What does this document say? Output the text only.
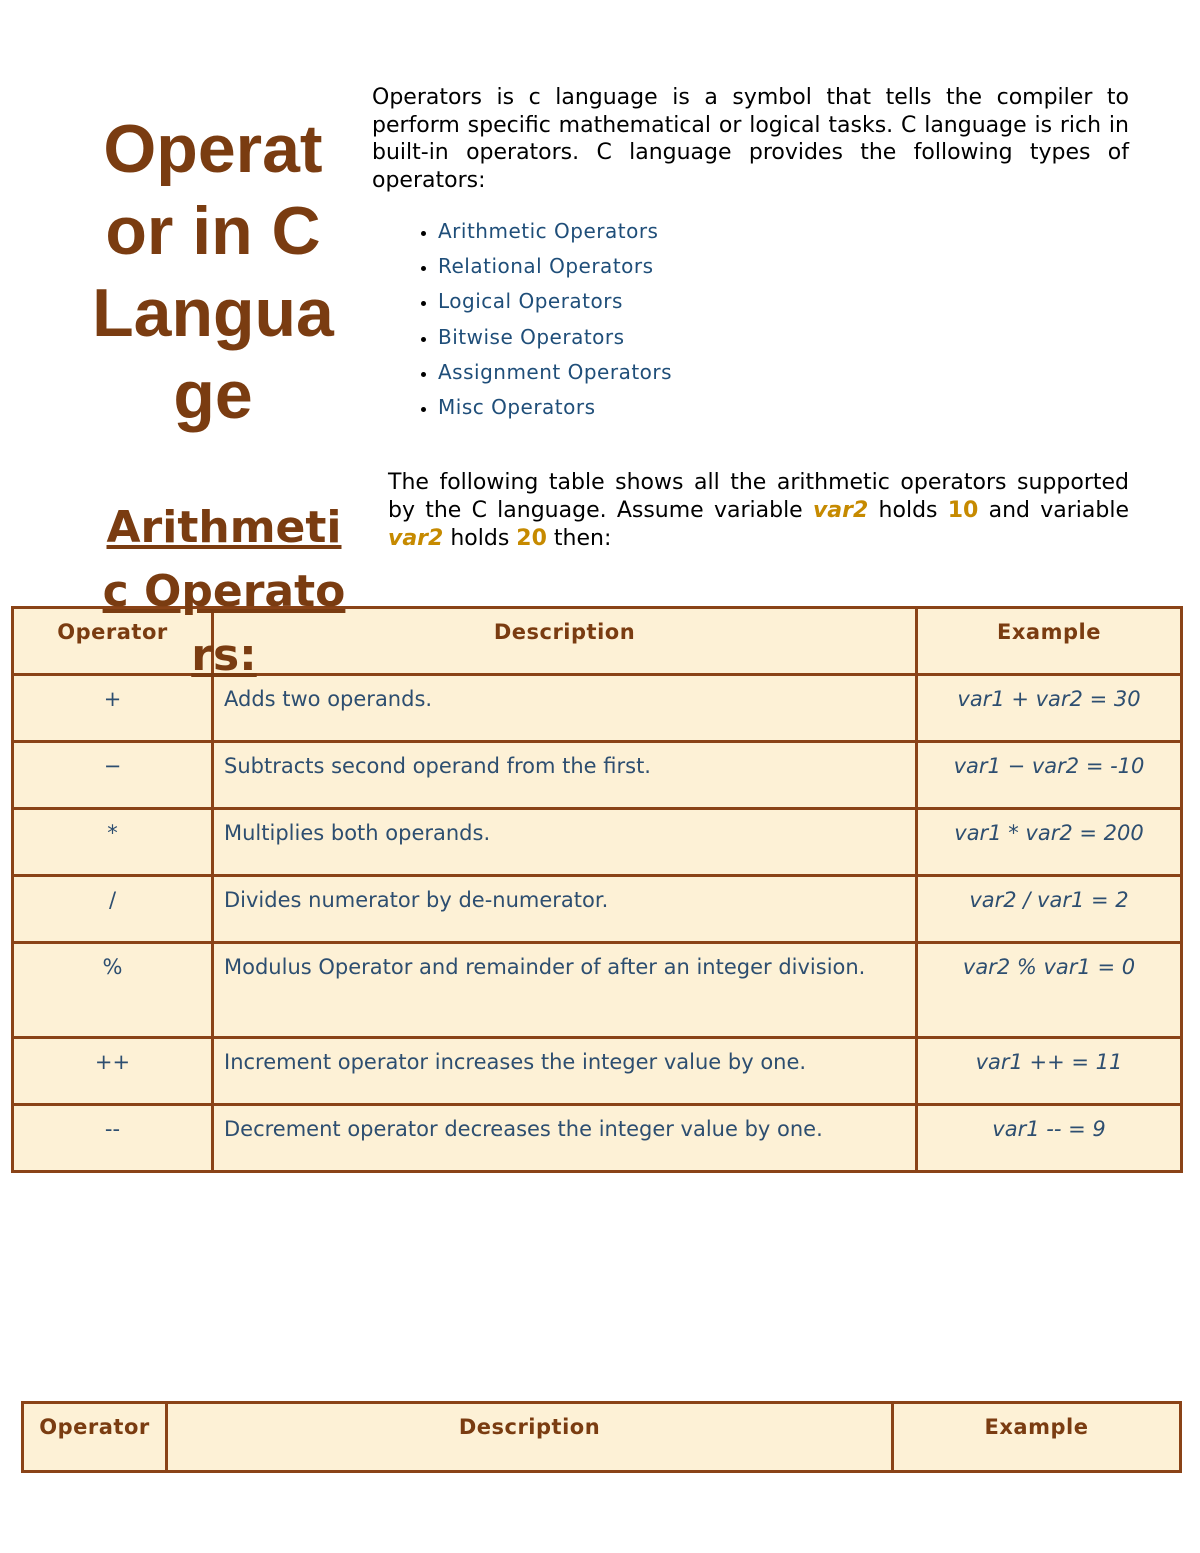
Operator in C Language
Arithmetic Operators:

Operators is c language is a symbol that tells the compiler to perform specific mathematical or logical tasks. C language is rich in built-in operators. C language provides the following types of operators:

• Arithmetic Operators
• Relational Operators
• Logical Operators
• Bitwise Operators
• Assignment Operators
• Misc Operators

The following table shows all the arithmetic operators supported by the C language. Assume variable var2 holds 10 and variable var2 holds 20 then:

Operator	Description	Example
+	Adds two operands.	var1 + var2 = 30
−	Subtracts second operand from the first.	var1 − var2 = -10
*	Multiplies both operands.	var1 * var2 = 200
/	Divides numerator by de-numerator.	var2 / var1 = 2
%	Modulus Operator and remainder of after an integer division.	var2 % var1 = 0
++	Increment operator increases the integer value by one.	var1 ++ = 11
--	Decrement operator decreases the integer value by one.	var1 -- = 9
Operator	Description	Example
